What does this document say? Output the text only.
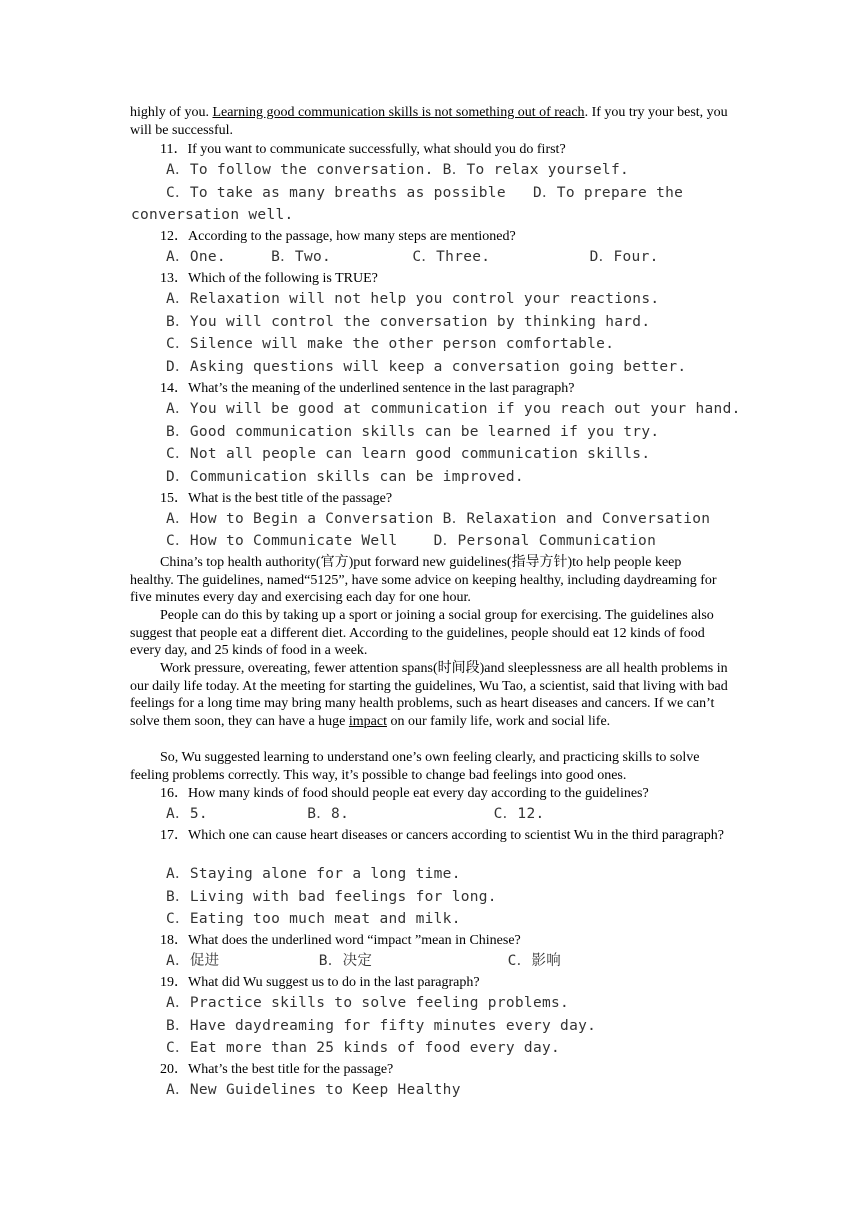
highly of you. Learning good communication skills is not something out of reach. If you try your best, you will be successful.
11．If you want to communicate successfully, what should you do first?
A．To follow the conversation. B．To relax yourself.
C．To take as many breaths as possible   D．To prepare the
conversation well.
12．According to the passage, how many steps are mentioned?
A．One.     B．Two.         C．Three.           D．Four.
13．Which of the following is TRUE?
A．Relaxation will not help you control your reactions.
B．You will control the conversation by thinking hard.
C．Silence will make the other person comfortable.
D．Asking questions will keep a conversation going better.
14．What’s the meaning of the underlined sentence in the last paragraph?
A．You will be good at communication if you reach out your hand.
B．Good communication skills can be learned if you try.
C．Not all people can learn good communication skills.
D．Communication skills can be improved.
15．What is the best title of the passage?
A．How to Begin a Conversation B．Relaxation and Conversation
C．How to Communicate Well    D．Personal Communication
China’s top health authority(官方)put forward new guidelines(指导方针)to help people keep healthy. The guidelines, named“5125”, have some advice on keeping healthy, including daydreaming for five minutes every day and exercising each day for one hour.
People can do this by taking up a sport or joining a social group for exercising. The guidelines also suggest that people eat a different diet. According to the guidelines, people should eat 12 kinds of food every day, and 25 kinds of food in a week.
Work pressure, overeating, fewer attention spans(时间段)and sleeplessness are all health problems in our daily life today. At the meeting for starting the guidelines, Wu Tao, a scientist, said that living with bad feelings for a long time may bring many health problems, such as heart diseases and cancers. If we can’t solve them soon, they can have a huge impact on our family life, work and social life.
So, Wu suggested learning to understand one’s own feeling clearly, and practicing skills to solve feeling problems correctly. This way, it’s possible to change bad feelings into good ones.
16．How many kinds of food should people eat every day according to the guidelines?
A．5.           B．8.                C．12.
17．Which one can cause heart diseases or cancers according to scientist Wu in the third paragraph?
A．Staying alone for a long time.
B．Living with bad feelings for long.
C．Eating too much meat and milk.
18．What does the underlined word “impact ”mean in Chinese?
A．促进           B．决定               C．影响
19．What did Wu suggest us to do in the last paragraph?
A．Practice skills to solve feeling problems.
B．Have daydreaming for fifty minutes every day.
C．Eat more than 25 kinds of food every day.
20．What’s the best title for the passage?
A．New Guidelines to Keep Healthy
